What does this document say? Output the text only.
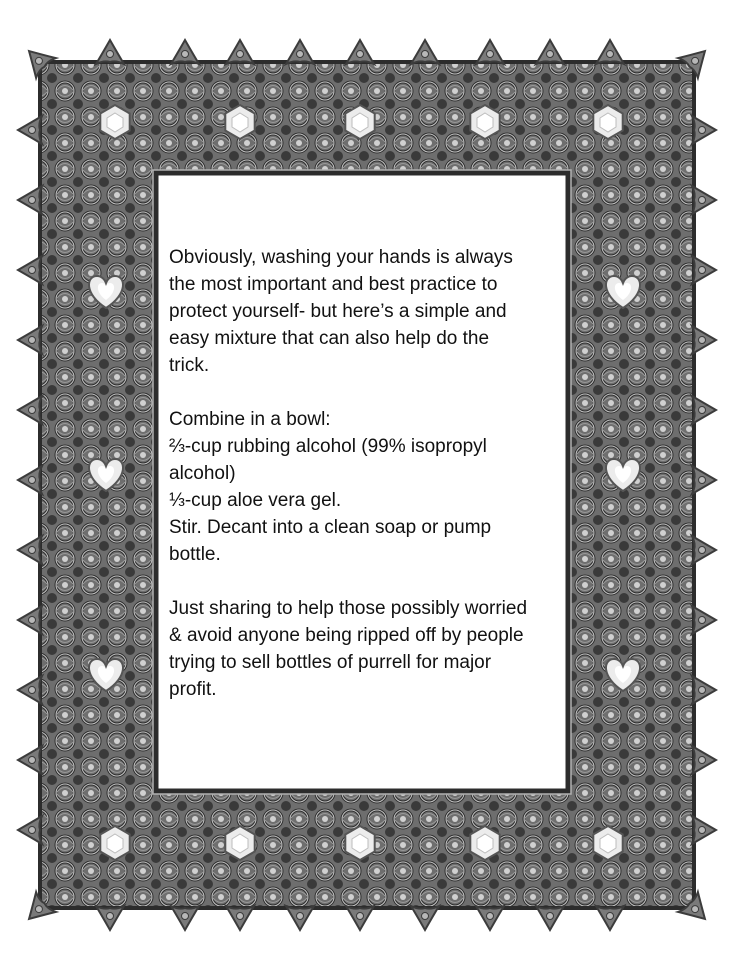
Obviously, washing your hands is always
the most important and best practice to
protect yourself- but here’s a simple and
easy mixture that can also help do the
trick.
Combine in a bowl:
⅔-cup rubbing alcohol (99% isopropyl
alcohol)
⅓-cup aloe vera gel.
Stir. Decant into a clean soap or pump
bottle.
Just sharing to help those possibly worried
& avoid anyone being ripped off by people
trying to sell bottles of purrell for major
profit.
